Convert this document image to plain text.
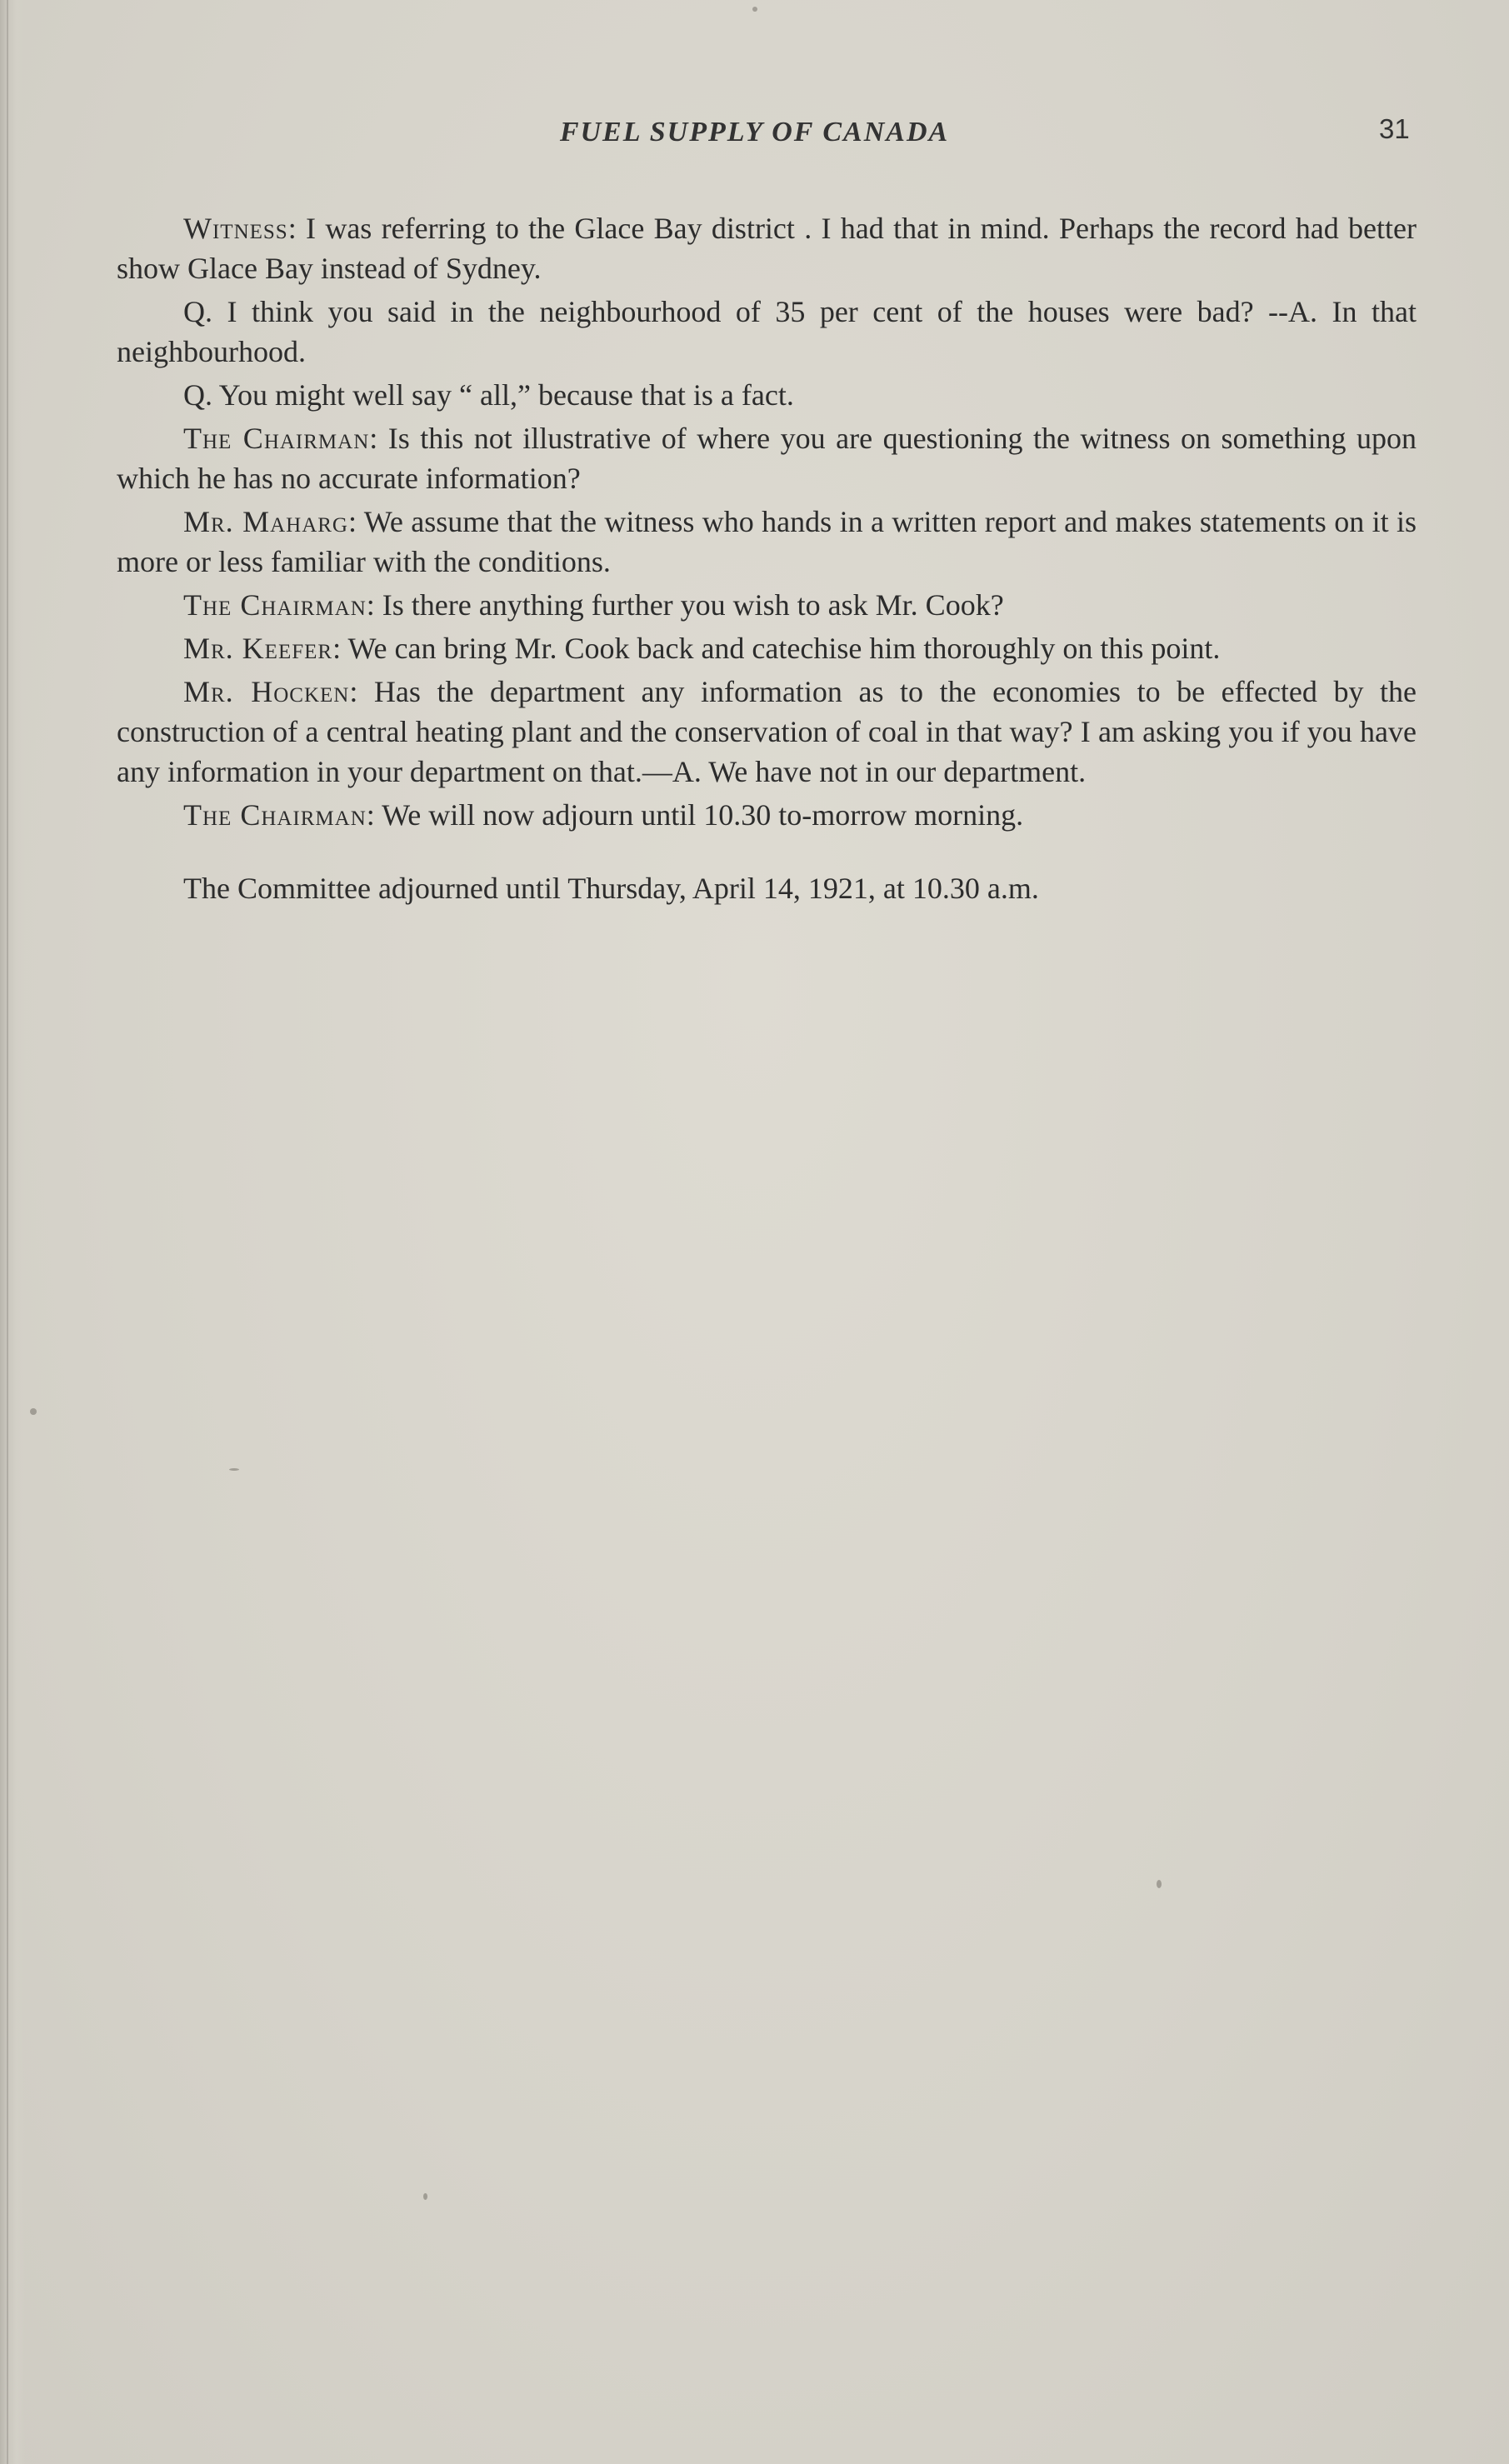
FUEL SUPPLY OF CANADA	31

Witness: I was referring to the Glace Bay district . I had that in mind. Perhaps the record had better show Glace Bay instead of Sydney.

Q. I think you said in the neighbourhood of 35 per cent of the houses were bad? --A. In that neighbourhood.

Q. You might well say “ all,” because that is a fact.

The Chairman: Is this not illustrative of where you are questioning the witness on something upon which he has no accurate information?

Mr. Maharg: We assume that the witness who hands in a written report and makes statements on it is more or less familiar with the conditions.

The Chairman: Is there anything further you wish to ask Mr. Cook?

Mr. Keefer: We can bring Mr. Cook back and catechise him thoroughly on this point.

Mr. Hocken: Has the department any information as to the economies to be effected by the construction of a central heating plant and the conservation of coal in that way? I am asking you if you have any information in your department on that.—A. We have not in our department.

The Chairman: We will now adjourn until 10.30 to-morrow morning.

The Committee adjourned until Thursday, April 14, 1921, at 10.30 a.m.
